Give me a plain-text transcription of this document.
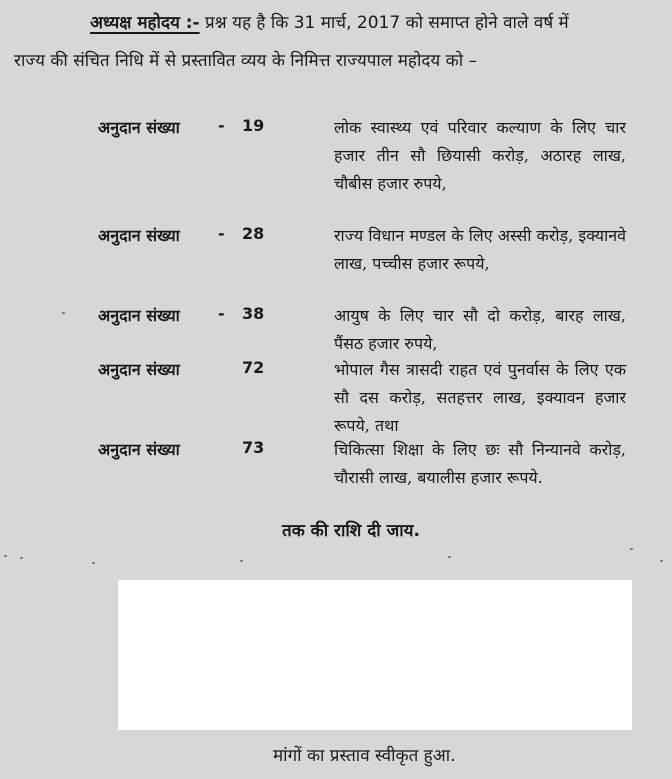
अध्यक्ष महोदय :- प्रश्न यह है कि 31 मार्च, 2017 को समाप्त होने वाले वर्ष में
राज्य की संचित निधि में से प्रस्तावित व्यय के निमित्त राज्यपाल महोदय को –
अनुदान संख्या - 19	लोक स्वास्थ्य एवं परिवार कल्याण के लिए चार हजार तीन सौ छियासी करोड़, अठारह लाख, चौबीस हजार रुपये,
अनुदान संख्या - 28	राज्य विधान मण्डल के लिए अस्सी करोड़, इक्यानवे लाख, पच्चीस हजार रूपये,
अनुदान संख्या - 38	आयुष के लिए चार सौ दो करोड़, बारह लाख, पैंसठ हजार रुपये,
अनुदान संख्या	72	भोपाल गैस त्रासदी राहत एवं पुनर्वास के लिए एक सौ दस करोड़, सतहत्तर लाख, इक्यावन हजार रूपये, तथा
अनुदान संख्या	73	चिकित्सा शिक्षा के लिए छः सौ निन्यानवे करोड़, चौरासी लाख, बयालीस हजार रूपये.
तक की राशि दी जाय.
मांगों का प्रस्ताव स्वीकृत हुआ.
